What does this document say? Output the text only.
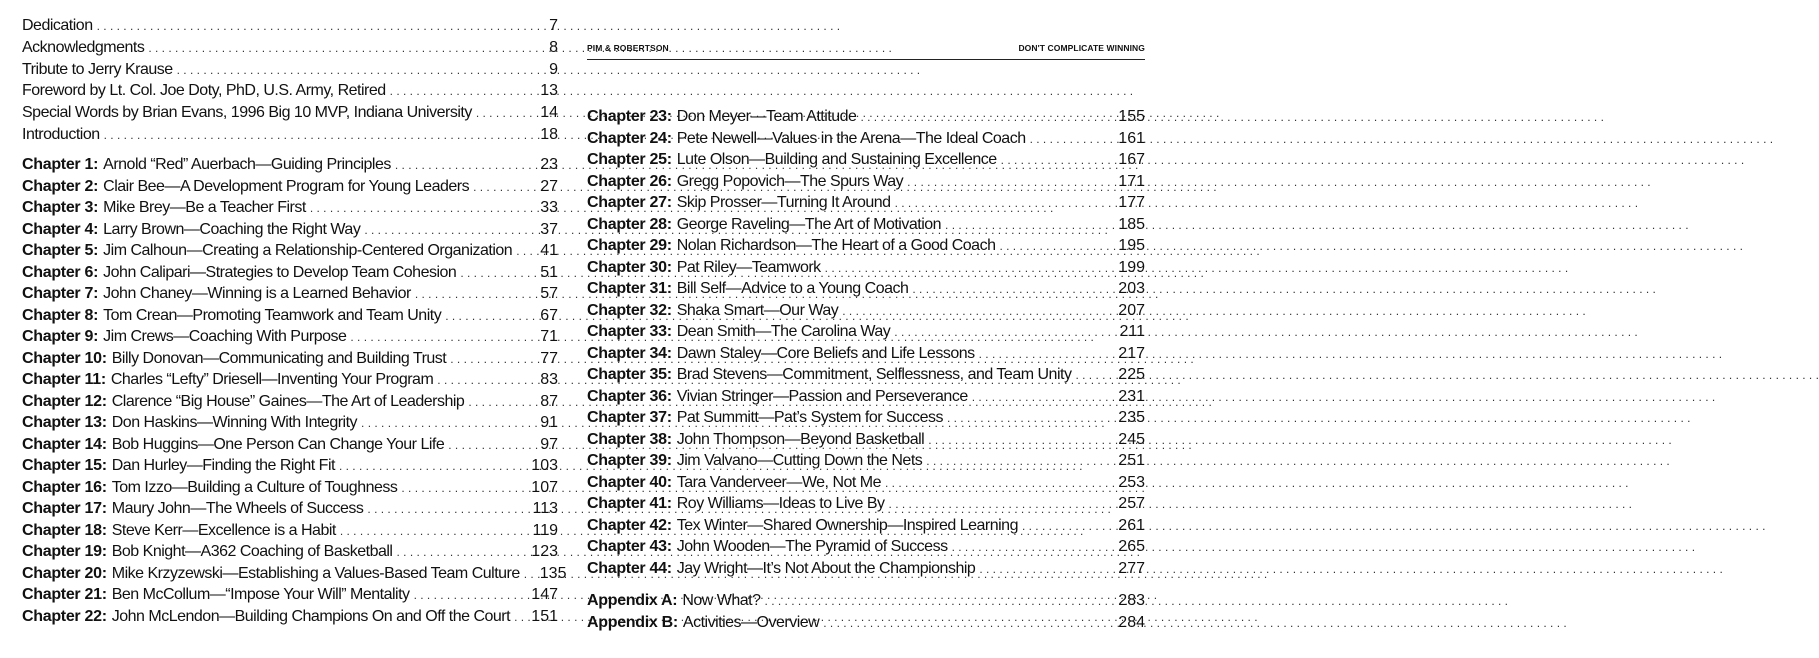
Dedication . . .	7
Acknowledgments . . .	8
Tribute to Jerry Krause . . .	9
Foreword by Lt. Col. Joe Doty, PhD, U.S. Army, Retired . . .	13
Special Words by Brian Evans, 1996 Big 10 MVP, Indiana University . . .	14
Introduction . . .	18
Chapter 1: Arnold “Red” Auerbach—Guiding Principles . . .	23
Chapter 2: Clair Bee—A Development Program for Young Leaders . . .	27
Chapter 3: Mike Brey—Be a Teacher First . . .	33
Chapter 4: Larry Brown—Coaching the Right Way . . .	37
Chapter 5: Jim Calhoun—Creating a Relationship-Centered Organization . . . 41
Chapter 6: John Calipari—Strategies to Develop Team Cohesion . . .	51
Chapter 7: John Chaney—Winning is a Learned Behavior . . .	57
Chapter 8: Tom Crean—Promoting Teamwork and Team Unity . . .	67
Chapter 9: Jim Crews—Coaching With Purpose . . .	71
Chapter 10: Billy Donovan—Communicating and Building Trust . . .	77
Chapter 11: Charles “Lefty” Driesell—Inventing Your Program . . .	83
Chapter 12: Clarence “Big House” Gaines—The Art of Leadership . . .	87
Chapter 13: Don Haskins—Winning With Integrity . . .	91
Chapter 14: Bob Huggins—One Person Can Change Your Life . . .	97
Chapter 15: Dan Hurley—Finding the Right Fit . . .	103
Chapter 16: Tom Izzo—Building a Culture of Toughness . . .	107
Chapter 17: Maury John—The Wheels of Success . . .	113
Chapter 18: Steve Kerr—Excellence is a Habit . . .	119
Chapter 19: Bob Knight—A362 Coaching of Basketball . . .	123
Chapter 20: Mike Krzyzewski—Establishing a Values-Based Team Culture . . . 135
Chapter 21: Ben McCollum—“Impose Your Will” Mentality . . .	147
Chapter 22: John McLendon—Building Champions On and Off the Court . . . 151
PIM & ROBERTSON	DON'T COMPLICATE WINNING
Chapter 23: Don Meyer—Team Attitude . . .	155
Chapter 24: Pete Newell—Values in the Arena—The Ideal Coach . . .	161
Chapter 25: Lute Olson—Building and Sustaining Excellence . . .	167
Chapter 26: Gregg Popovich—The Spurs Way . . .	171
Chapter 27: Skip Prosser—Turning It Around . . .	177
Chapter 28: George Raveling—The Art of Motivation . . .	185
Chapter 29: Nolan Richardson—The Heart of a Good Coach . . .	195
Chapter 30: Pat Riley—Teamwork . . .	199
Chapter 31: Bill Self—Advice to a Young Coach . . .	203
Chapter 32: Shaka Smart—Our Way . . .	207
Chapter 33: Dean Smith—The Carolina Way . . .	211
Chapter 34: Dawn Staley—Core Beliefs and Life Lessons . . .	217
Chapter 35: Brad Stevens—Commitment, Selflessness, and Team Unity . . .	225
Chapter 36: Vivian Stringer—Passion and Perseverance . . .	231
Chapter 37: Pat Summitt—Pat’s System for Success . . .	235
Chapter 38: John Thompson—Beyond Basketball . . .	245
Chapter 39: Jim Valvano—Cutting Down the Nets . . .	251
Chapter 40: Tara Vanderveer—We, Not Me . . .	253
Chapter 41: Roy Williams—Ideas to Live By . . .	257
Chapter 42: Tex Winter—Shared Ownership—Inspired Learning . . .	261
Chapter 43: John Wooden—The Pyramid of Success . . .	265
Chapter 44: Jay Wright—It’s Not About the Championship . . .	277
Appendix A: Now What? . . .	283
Appendix B: Activities—Overview . . .	284
